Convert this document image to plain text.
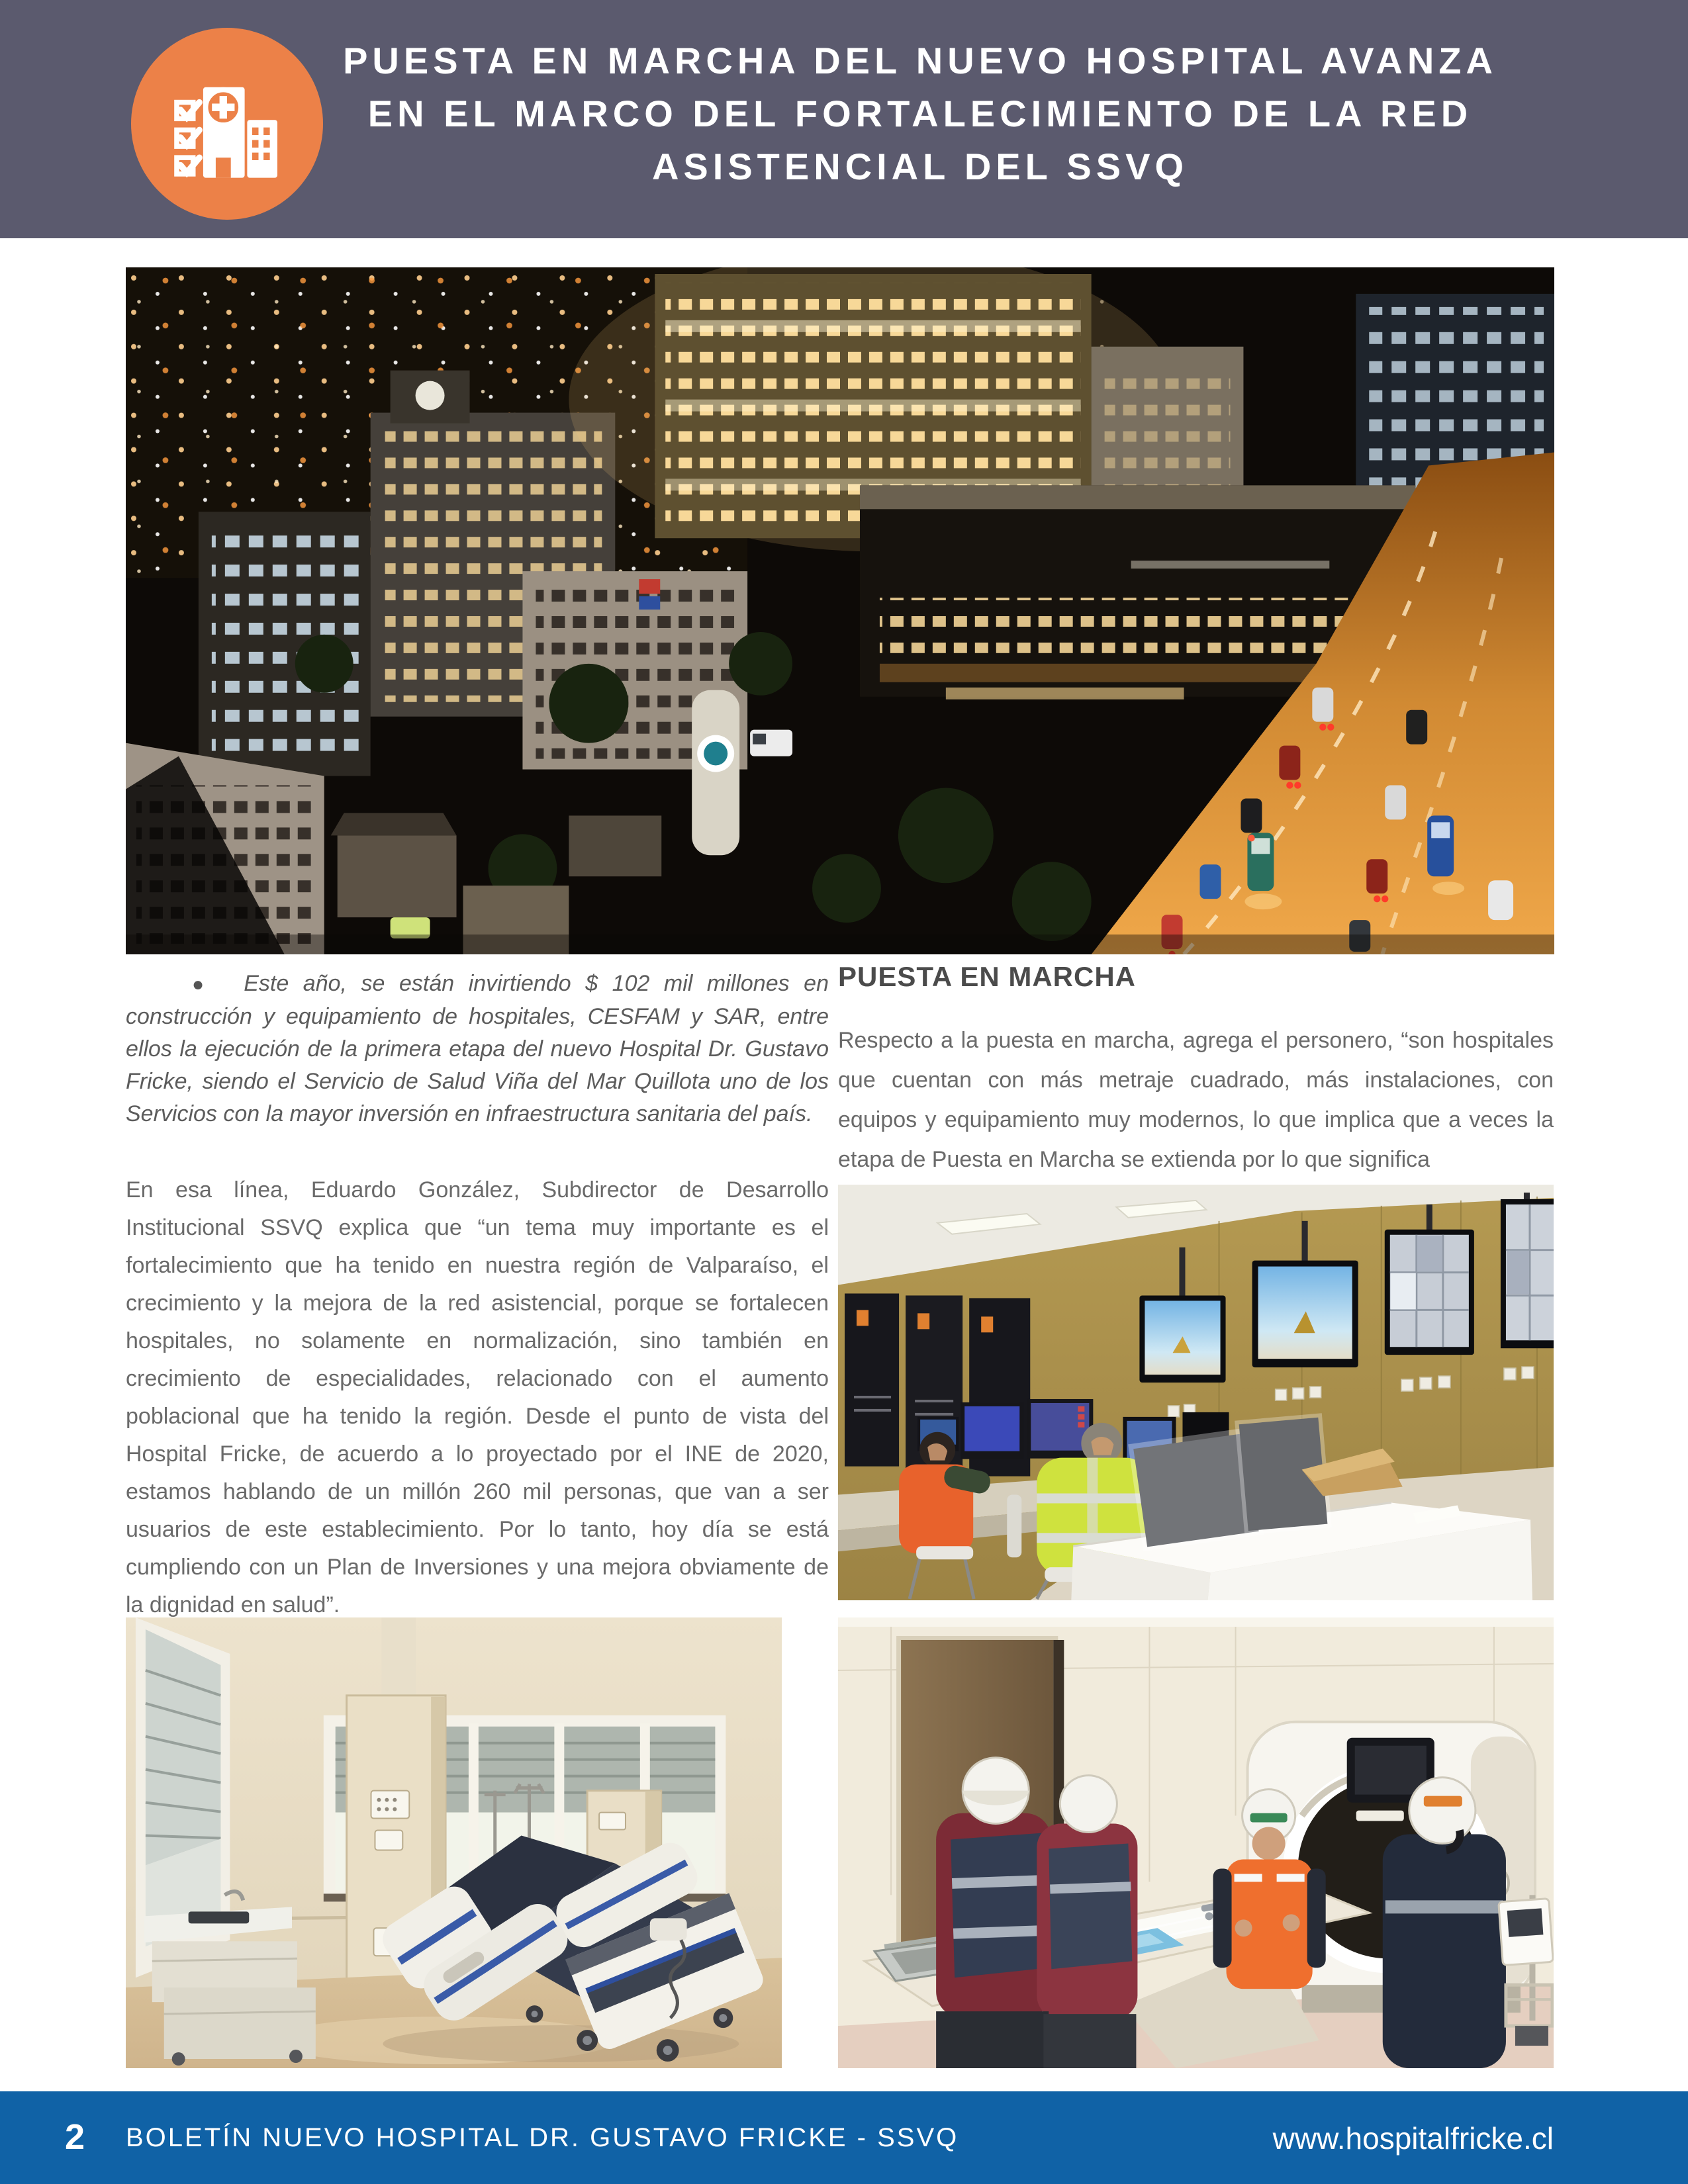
PUESTA EN MARCHA DEL NUEVO HOSPITAL AVANZA
EN EL MARCO DEL FORTALECIMIENTO DE LA RED
ASISTENCIAL DEL SSVQ

● Este año, se están invirtiendo $ 102 mil millones en construcción y equipamiento de hospitales, CESFAM y SAR, entre ellos la ejecución de la primera etapa del nuevo Hospital Dr. Gustavo Fricke, siendo el Servicio de Salud Viña del Mar Quillota uno de los Servicios con la mayor inversión en infraestructura sanitaria del país.

En esa línea, Eduardo González, Subdirector de Desarrollo Institucional SSVQ explica que “un tema muy importante es el fortalecimiento que ha tenido en nuestra región de Valparaíso, el crecimiento y la mejora de la red asistencial, porque se fortalecen hospitales, no solamente en normalización, sino también en crecimiento de especialidades, relacionado con el aumento poblacional que ha tenido la región. Desde el punto de vista del Hospital Fricke, de acuerdo a lo proyectado por el INE de 2020, estamos hablando de un millón 260 mil personas, que van a ser usuarios de este establecimiento. Por lo tanto, hoy día se está cumpliendo con un Plan de Inversiones y una mejora obviamente de la dignidad en salud”.

PUESTA EN MARCHA

Respecto a la puesta en marcha, agrega el personero, “son hospitales que cuentan con más metraje cuadrado, más instalaciones, con equipos y equipamiento muy modernos, lo que implica que a veces la etapa de Puesta en Marcha se extienda por lo que significa

2 BOLETÍN NUEVO HOSPITAL DR. GUSTAVO FRICKE - SSVQ	www.hospitalfricke.cl
